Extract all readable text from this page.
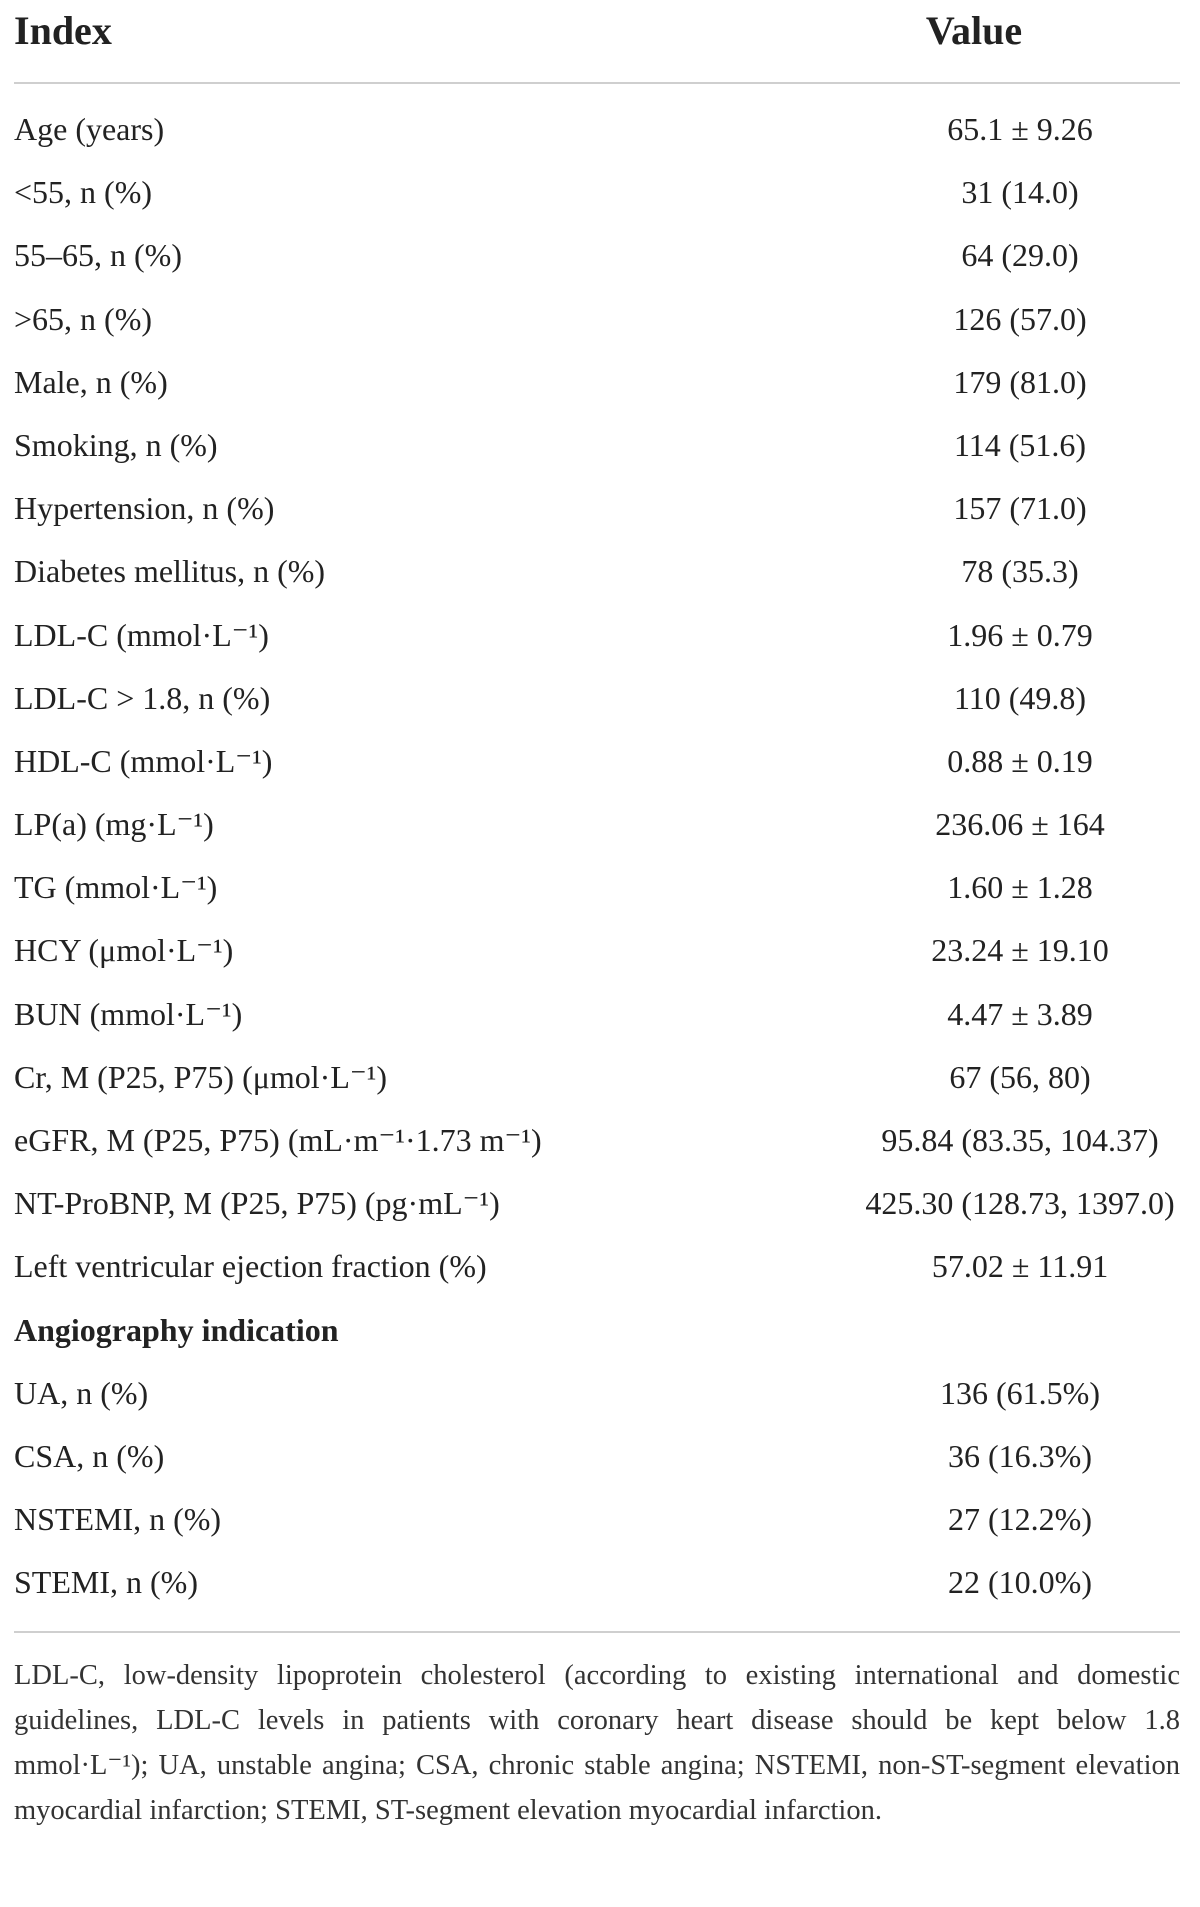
Index	Value
Age (years)	65.1 ± 9.26
<55, n (%)	31 (14.0)
55–65, n (%)	64 (29.0)
>65, n (%)	126 (57.0)
Male, n (%)	179 (81.0)
Smoking, n (%)	114 (51.6)
Hypertension, n (%)	157 (71.0)
Diabetes mellitus, n (%)	78 (35.3)
LDL-C (mmol·L⁻¹)	1.96 ± 0.79
LDL-C > 1.8, n (%)	110 (49.8)
HDL-C (mmol·L⁻¹)	0.88 ± 0.19
LP(a) (mg·L⁻¹)	236.06 ± 164
TG (mmol·L⁻¹)	1.60 ± 1.28
HCY (μmol·L⁻¹)	23.24 ± 19.10
BUN (mmol·L⁻¹)	4.47 ± 3.89
Cr, M (P25, P75) (μmol·L⁻¹)	67 (56, 80)
eGFR, M (P25, P75) (mL·m⁻¹·1.73 m⁻¹)	95.84 (83.35, 104.37)
NT-ProBNP, M (P25, P75) (pg·mL⁻¹)	425.30 (128.73, 1397.0)
Left ventricular ejection fraction (%)	57.02 ± 11.91
Angiography indication
UA, n (%)	136 (61.5%)
CSA, n (%)	36 (16.3%)
NSTEMI, n (%)	27 (12.2%)
STEMI, n (%)	22 (10.0%)
LDL-C, low-density lipoprotein cholesterol (according to existing international and domestic guidelines, LDL-C levels in patients with coronary heart disease should be kept below 1.8 mmol·L⁻¹); UA, unstable angina; CSA, chronic stable angina; NSTEMI, non-ST-segment elevation myocardial infarction; STEMI, ST-segment elevation myocardial infarction.
